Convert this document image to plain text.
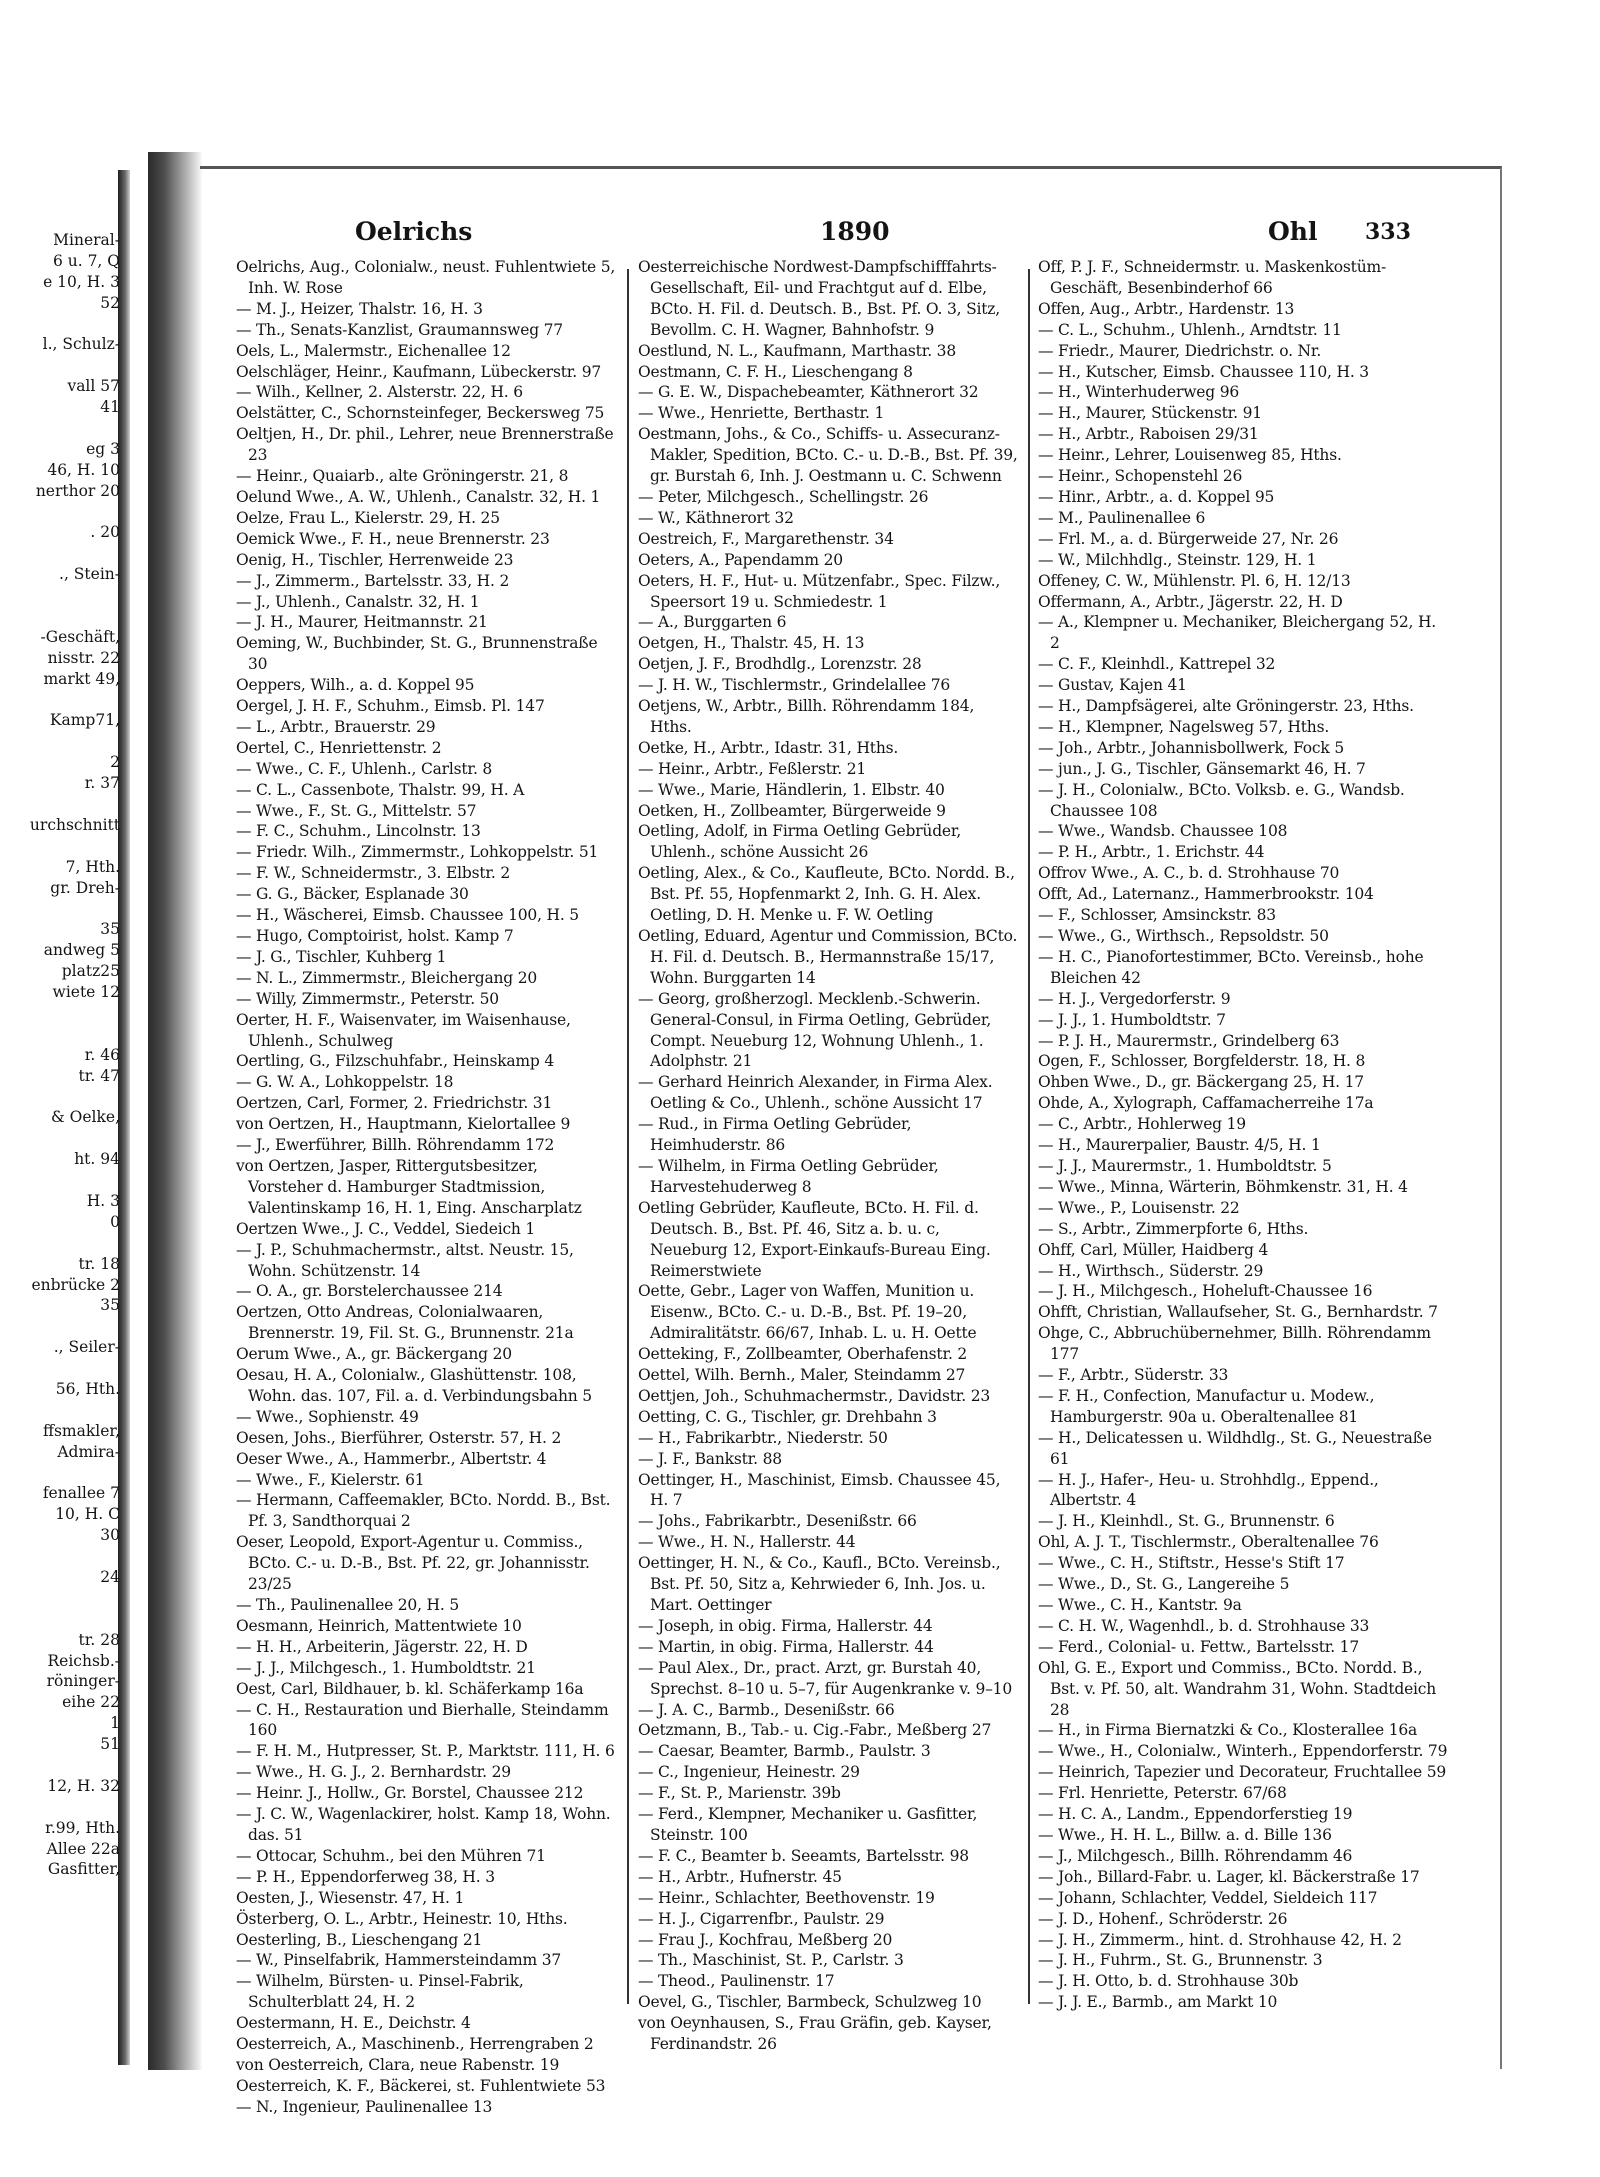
Mineral-
6 u. 7, Q
e 10, H. 3
52
l., Schulz-
vall 57
41
eg 3
46, H. 10
nerthor 20
. 20
., Stein-
-Geschäft,
nisstr. 22
markt 49,
Kamp71,
2
r. 37
urchschnitt
7, Hth.
gr. Dreh-
35
andweg 5
platz25
wiete 12
r. 46
tr. 47
& Oelke,
ht. 94
H. 3
0
tr. 18
enbrücke 2
35
., Seiler-
56, Hth.
ffsmakler,
Admira-
fenallee 7
10, H. C
30
24
tr. 28
Reichsb.-
röninger-
eihe 22
1
51
12, H. 32
r.99, Hth.
Allee 22a
Gasfitter,
Oelrichs	1890	Ohl 333
Oelrichs, Aug., Colonialw., neust. Fuhlentwiete 5, Inh. W. Rose
— M. J., Heizer, Thalstr. 16, H. 3
— Th., Senats-Kanzlist, Graumannsweg 77
Oels, L., Malermstr., Eichenallee 12
Oelschläger, Heinr., Kaufmann, Lübeckerstr. 97
— Wilh., Kellner, 2. Alsterstr. 22, H. 6
Oelstätter, C., Schornsteinfeger, Beckersweg 75
Oeltjen, H., Dr. phil., Lehrer, neue Brennerstraße 23
— Heinr., Quaiarb., alte Gröningerstr. 21, 8
Oelund Wwe., A. W., Uhlenh., Canalstr. 32, H. 1
Oelze, Frau L., Kielerstr. 29, H. 25
Oemick Wwe., F. H., neue Brennerstr. 23
Oenig, H., Tischler, Herrenweide 23
— J., Zimmerm., Bartelsstr. 33, H. 2
— J., Uhlenh., Canalstr. 32, H. 1
— J. H., Maurer, Heitmannstr. 21
Oeming, W., Buchbinder, St. G., Brunnenstraße 30
Oeppers, Wilh., a. d. Koppel 95
Oergel, J. H. F., Schuhm., Eimsb. Pl. 147
— L., Arbtr., Brauerstr. 29
Oertel, C., Henriettenstr. 2
— Wwe., C. F., Uhlenh., Carlstr. 8
— C. L., Cassenbote, Thalstr. 99, H. A
— Wwe., F., St. G., Mittelstr. 57
— F. C., Schuhm., Lincolnstr. 13
— Friedr. Wilh., Zimmermstr., Lohkoppelstr. 51
— F. W., Schneidermstr., 3. Elbstr. 2
— G. G., Bäcker, Esplanade 30
— H., Wäscherei, Eimsb. Chaussee 100, H. 5
— Hugo, Comptoirist, holst. Kamp 7
— J. G., Tischler, Kuhberg 1
— N. L., Zimmermstr., Bleichergang 20
— Willy, Zimmermstr., Peterstr. 50
Oerter, H. F., Waisenvater, im Waisenhause, Uhlenh., Schulweg
Oertling, G., Filzschuhfabr., Heinskamp 4
— G. W. A., Lohkoppelstr. 18
Oertzen, Carl, Former, 2. Friedrichstr. 31
von Oertzen, H., Hauptmann, Kielortallee 9
— J., Ewerführer, Billh. Röhrendamm 172
von Oertzen, Jasper, Rittergutsbesitzer, Vorsteher d. Hamburger Stadtmission, Valentinskamp 16, H. 1, Eing. Anscharplatz
Oertzen Wwe., J. C., Veddel, Siedeich 1
— J. P., Schuhmachermstr., altst. Neustr. 15, Wohn. Schützenstr. 14
— O. A., gr. Borstelerchaussee 214
Oertzen, Otto Andreas, Colonialwaaren, Brennerstr. 19, Fil. St. G., Brunnenstr. 21a
Oerum Wwe., A., gr. Bäckergang 20
Oesau, H. A., Colonialw., Glashüttenstr. 108, Wohn. das. 107, Fil. a. d. Verbindungsbahn 5
— Wwe., Sophienstr. 49
Oesen, Johs., Bierführer, Osterstr. 57, H. 2
Oeser Wwe., A., Hammerbr., Albertstr. 4
— Wwe., F., Kielerstr. 61
— Hermann, Caffeemakler, BCto. Nordd. B., Bst. Pf. 3, Sandthorquai 2
Oeser, Leopold, Export-Agentur u. Commiss., BCto. C.- u. D.-B., Bst. Pf. 22, gr. Johannisstr. 23/25
— Th., Paulinenallee 20, H. 5
Oesmann, Heinrich, Mattentwiete 10
— H. H., Arbeiterin, Jägerstr. 22, H. D
— J. J., Milchgesch., 1. Humboldtstr. 21
Oest, Carl, Bildhauer, b. kl. Schäferkamp 16a
— C. H., Restauration und Bierhalle, Steindamm 160
— F. H. M., Hutpresser, St. P., Marktstr. 111, H. 6
— Wwe., H. G. J., 2. Bernhardstr. 29
— Heinr. J., Hollw., Gr. Borstel, Chaussee 212
— J. C. W., Wagenlackirer, holst. Kamp 18, Wohn. das. 51
— Ottocar, Schuhm., bei den Mühren 71
— P. H., Eppendorferweg 38, H. 3
Oesten, J., Wiesenstr. 47, H. 1
Österberg, O. L., Arbtr., Heinestr. 10, Hths.
Oesterling, B., Lieschengang 21
— W., Pinselfabrik, Hammersteindamm 37
— Wilhelm, Bürsten- u. Pinsel-Fabrik, Schulterblatt 24, H. 2
Oestermann, H. E., Deichstr. 4
Oesterreich, A., Maschinenb., Herrengraben 2
von Oesterreich, Clara, neue Rabenstr. 19
Oesterreich, K. F., Bäckerei, st. Fuhlentwiete 53
— N., Ingenieur, Paulinenallee 13
Oesterreichische Nordwest-Dampfschifffahrts-Gesellschaft, Eil- und Frachtgut auf d. Elbe, BCto. H. Fil. d. Deutsch. B., Bst. Pf. O. 3, Sitz, Bevollm. C. H. Wagner, Bahnhofstr. 9
Oestlund, N. L., Kaufmann, Marthastr. 38
Oestmann, C. F. H., Lieschengang 8
— G. E. W., Dispachebeamter, Käthnerort 32
— Wwe., Henriette, Berthastr. 1
Oestmann, Johs., & Co., Schiffs- u. Assecuranz-Makler, Spedition, BCto. C.- u. D.-B., Bst. Pf. 39, gr. Burstah 6, Inh. J. Oestmann u. C. Schwenn
— Peter, Milchgesch., Schellingstr. 26
— W., Käthnerort 32
Oestreich, F., Margarethenstr. 34
Oeters, A., Papendamm 20
Oeters, H. F., Hut- u. Mützenfabr., Spec. Filzw., Speersort 19 u. Schmiedestr. 1
— A., Burggarten 6
Oetgen, H., Thalstr. 45, H. 13
Oetjen, J. F., Brodhdlg., Lorenzstr. 28
— J. H. W., Tischlermstr., Grindelallee 76
Oetjens, W., Arbtr., Billh. Röhrendamm 184, Hths.
Oetke, H., Arbtr., Idastr. 31, Hths.
— Heinr., Arbtr., Feßlerstr. 21
— Wwe., Marie, Händlerin, 1. Elbstr. 40
Oetken, H., Zollbeamter, Bürgerweide 9
Oetling, Adolf, in Firma Oetling Gebrüder, Uhlenh., schöne Aussicht 26
Oetling, Alex., & Co., Kaufleute, BCto. Nordd. B., Bst. Pf. 55, Hopfenmarkt 2, Inh. G. H. Alex. Oetling, D. H. Menke u. F. W. Oetling
Oetling, Eduard, Agentur und Commission, BCto. H. Fil. d. Deutsch. B., Hermannstraße 15/17, Wohn. Burggarten 14
— Georg, großherzogl. Mecklenb.-Schwerin. General-Consul, in Firma Oetling, Gebrüder, Compt. Neueburg 12, Wohnung Uhlenh., 1. Adolphstr. 21
— Gerhard Heinrich Alexander, in Firma Alex. Oetling & Co., Uhlenh., schöne Aussicht 17
— Rud., in Firma Oetling Gebrüder, Heimhuderstr. 86
— Wilhelm, in Firma Oetling Gebrüder, Harvestehuderweg 8
Oetling Gebrüder, Kaufleute, BCto. H. Fil. d. Deutsch. B., Bst. Pf. 46, Sitz a. b. u. c, Neueburg 12, Export-Einkaufs-Bureau Eing. Reimerstwiete
Oette, Gebr., Lager von Waffen, Munition u. Eisenw., BCto. C.- u. D.-B., Bst. Pf. 19–20, Admiralitätstr. 66/67, Inhab. L. u. H. Oette
Oetteking, F., Zollbeamter, Oberhafenstr. 2
Oettel, Wilh. Bernh., Maler, Steindamm 27
Oettjen, Joh., Schuhmachermstr., Davidstr. 23
Oetting, C. G., Tischler, gr. Drehbahn 3
— H., Fabrikarbtr., Niederstr. 50
— J. F., Bankstr. 88
Oettinger, H., Maschinist, Eimsb. Chaussee 45, H. 7
— Johs., Fabrikarbtr., Desenißstr. 66
— Wwe., H. N., Hallerstr. 44
Oettinger, H. N., & Co., Kaufl., BCto. Vereinsb., Bst. Pf. 50, Sitz a, Kehrwieder 6, Inh. Jos. u. Mart. Oettinger
— Joseph, in obig. Firma, Hallerstr. 44
— Martin, in obig. Firma, Hallerstr. 44
— Paul Alex., Dr., pract. Arzt, gr. Burstah 40, Sprechst. 8–10 u. 5–7, für Augenkranke v. 9–10
— J. A. C., Barmb., Desenißstr. 66
Oetzmann, B., Tab.- u. Cig.-Fabr., Meßberg 27
— Caesar, Beamter, Barmb., Paulstr. 3
— C., Ingenieur, Heinestr. 29
— F., St. P., Marienstr. 39b
— Ferd., Klempner, Mechaniker u. Gasfitter, Steinstr. 100
— F. C., Beamter b. Seeamts, Bartelsstr. 98
— H., Arbtr., Hufnerstr. 45
— Heinr., Schlachter, Beethovenstr. 19
— H. J., Cigarrenfbr., Paulstr. 29
— Frau J., Kochfrau, Meßberg 20
— Th., Maschinist, St. P., Carlstr. 3
— Theod., Paulinenstr. 17
Oevel, G., Tischler, Barmbeck, Schulzweg 10
von Oeynhausen, S., Frau Gräfin, geb. Kayser, Ferdinandstr. 26
Off, P. J. F., Schneidermstr. u. Maskenkostüm-Geschäft, Besenbinderhof 66
Offen, Aug., Arbtr., Hardenstr. 13
— C. L., Schuhm., Uhlenh., Arndtstr. 11
— Friedr., Maurer, Diedrichstr. o. Nr.
— H., Kutscher, Eimsb. Chaussee 110, H. 3
— H., Winterhuderweg 96
— H., Maurer, Stückenstr. 91
— H., Arbtr., Raboisen 29/31
— Heinr., Lehrer, Louisenweg 85, Hths.
— Heinr., Schopenstehl 26
— Hinr., Arbtr., a. d. Koppel 95
— M., Paulinenallee 6
— Frl. M., a. d. Bürgerweide 27, Nr. 26
— W., Milchhdlg., Steinstr. 129, H. 1
Offeney, C. W., Mühlenstr. Pl. 6, H. 12/13
Offermann, A., Arbtr., Jägerstr. 22, H. D
— A., Klempner u. Mechaniker, Bleichergang 52, H. 2
— C. F., Kleinhdl., Kattrepel 32
— Gustav, Kajen 41
— H., Dampfsägerei, alte Gröningerstr. 23, Hths.
— H., Klempner, Nagelsweg 57, Hths.
— Joh., Arbtr., Johannisbollwerk, Fock 5
— jun., J. G., Tischler, Gänsemarkt 46, H. 7
— J. H., Colonialw., BCto. Volksb. e. G., Wandsb. Chaussee 108
— Wwe., Wandsb. Chaussee 108
— P. H., Arbtr., 1. Erichstr. 44
Offrov Wwe., A. C., b. d. Strohhause 70
Offt, Ad., Laternanz., Hammerbrookstr. 104
— F., Schlosser, Amsinckstr. 83
— Wwe., G., Wirthsch., Repsoldstr. 50
— H. C., Pianofortestimmer, BCto. Vereinsb., hohe Bleichen 42
— H. J., Vergedorferstr. 9
— J. J., 1. Humboldtstr. 7
— P. J. H., Maurermstr., Grindelberg 63
Ogen, F., Schlosser, Borgfelderstr. 18, H. 8
Ohben Wwe., D., gr. Bäckergang 25, H. 17
Ohde, A., Xylograph, Caffamacherreihe 17a
— C., Arbtr., Hohlerweg 19
— H., Maurerpalier, Baustr. 4/5, H. 1
— J. J., Maurermstr., 1. Humboldtstr. 5
— Wwe., Minna, Wärterin, Böhmkenstr. 31, H. 4
— Wwe., P., Louisenstr. 22
— S., Arbtr., Zimmerpforte 6, Hths.
Ohff, Carl, Müller, Haidberg 4
— H., Wirthsch., Süderstr. 29
— J. H., Milchgesch., Hoheluft-Chaussee 16
Ohfft, Christian, Wallaufseher, St. G., Bernhardstr. 7
Ohge, C., Abbruchübernehmer, Billh. Röhrendamm 177
— F., Arbtr., Süderstr. 33
— F. H., Confection, Manufactur u. Modew., Hamburgerstr. 90a u. Oberaltenallee 81
— H., Delicatessen u. Wildhdlg., St. G., Neuestraße 61
— H. J., Hafer-, Heu- u. Strohhdlg., Eppend., Albertstr. 4
— J. H., Kleinhdl., St. G., Brunnenstr. 6
Ohl, A. J. T., Tischlermstr., Oberaltenallee 76
— Wwe., C. H., Stiftstr., Hesse's Stift 17
— Wwe., D., St. G., Langereihe 5
— Wwe., C. H., Kantstr. 9a
— C. H. W., Wagenhdl., b. d. Strohhause 33
— Ferd., Colonial- u. Fettw., Bartelsstr. 17
Ohl, G. E., Export und Commiss., BCto. Nordd. B., Bst. v. Pf. 50, alt. Wandrahm 31, Wohn. Stadtdeich 28
— H., in Firma Biernatzki & Co., Klosterallee 16a
— Wwe., H., Colonialw., Winterh., Eppendorferstr. 79
— Heinrich, Tapezier und Decorateur, Fruchtallee 59
— Frl. Henriette, Peterstr. 67/68
— H. C. A., Landm., Eppendorferstieg 19
— Wwe., H. H. L., Billw. a. d. Bille 136
— J., Milchgesch., Billh. Röhrendamm 46
— Joh., Billard-Fabr. u. Lager, kl. Bäckerstraße 17
— Johann, Schlachter, Veddel, Sieldeich 117
— J. D., Hohenf., Schröderstr. 26
— J. H., Zimmerm., hint. d. Strohhause 42, H. 2
— J. H., Fuhrm., St. G., Brunnenstr. 3
— J. H. Otto, b. d. Strohhause 30b
— J. J. E., Barmb., am Markt 10
